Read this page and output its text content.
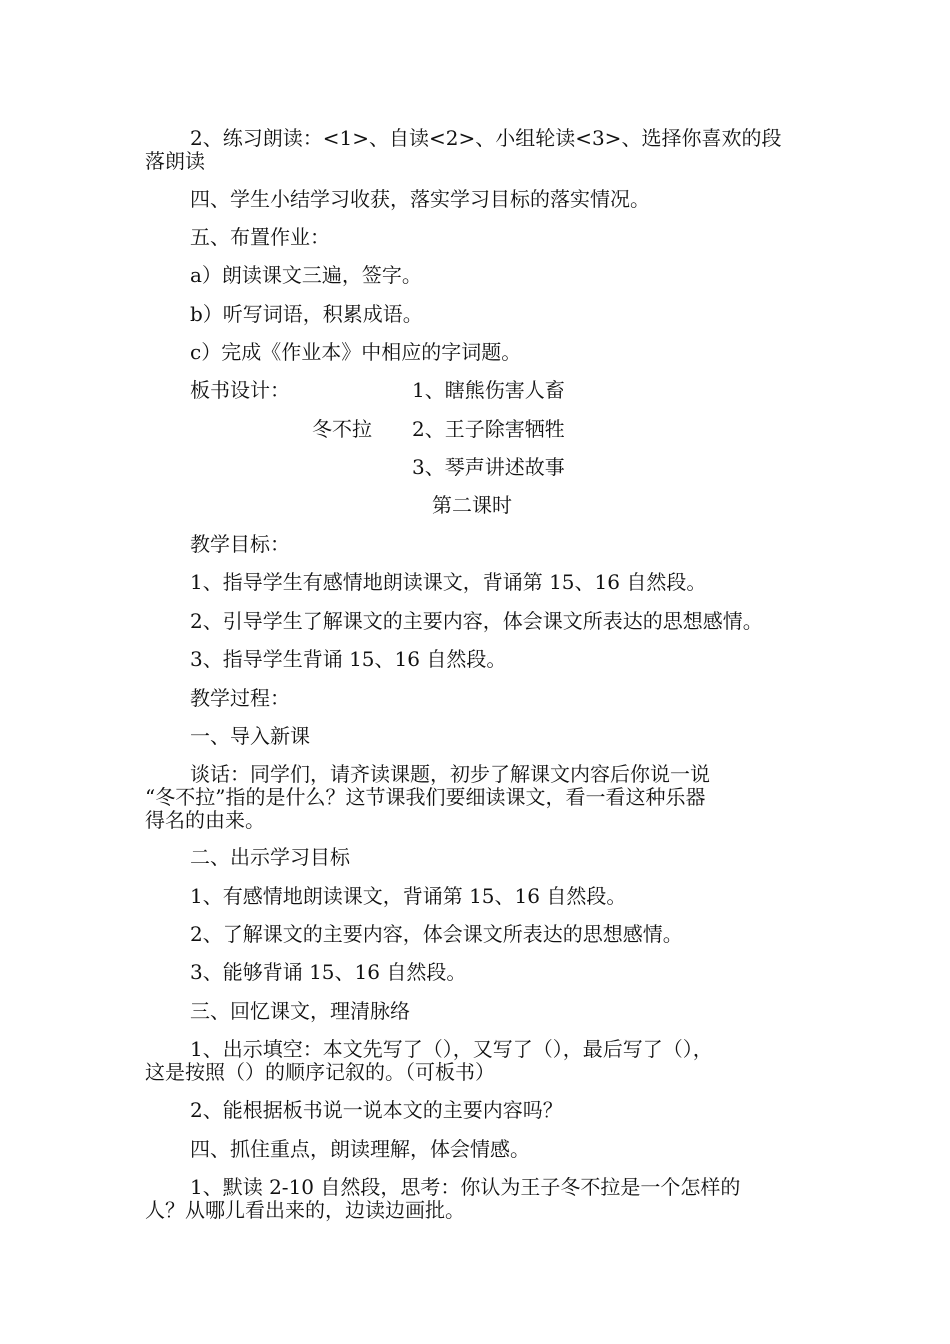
2、练习朗读：<1>、自读<2>、小组轮读<3>、选择你喜欢的段
落朗读
四、学生小结学习收获，落实学习目标的落实情况。
五、布置作业：
a）朗读课文三遍，签字。
b）听写词语，积累成语。
c）完成《作业本》中相应的字词题。
板书设计：	1、瞎熊伤害人畜
冬不拉 2、王子除害牺牲
3、琴声讲述故事
第二课时
教学目标：
1、指导学生有感情地朗读课文，背诵第 15、16 自然段。
2、引导学生了解课文的主要内容，体会课文所表达的思想感情。
3、指导学生背诵 15、16 自然段。
教学过程：
一、导入新课
谈话：同学们，请齐读课题，初步了解课文内容后你说一说
“冬不拉”指的是什么？这节课我们要细读课文，看一看这种乐器
得名的由来。
二、出示学习目标
1、有感情地朗读课文，背诵第 15、16 自然段。
2、了解课文的主要内容，体会课文所表达的思想感情。
3、能够背诵 15、16 自然段。
三、回忆课文，理清脉络
1、出示填空：本文先写了（），又写了（），最后写了（），
这是按照（）的顺序记叙的。（可板书）
2、能根据板书说一说本文的主要内容吗？
四、抓住重点，朗读理解，体会情感。
1、默读 2-10 自然段，思考：你认为王子冬不拉是一个怎样的
人？从哪儿看出来的，边读边画批。
